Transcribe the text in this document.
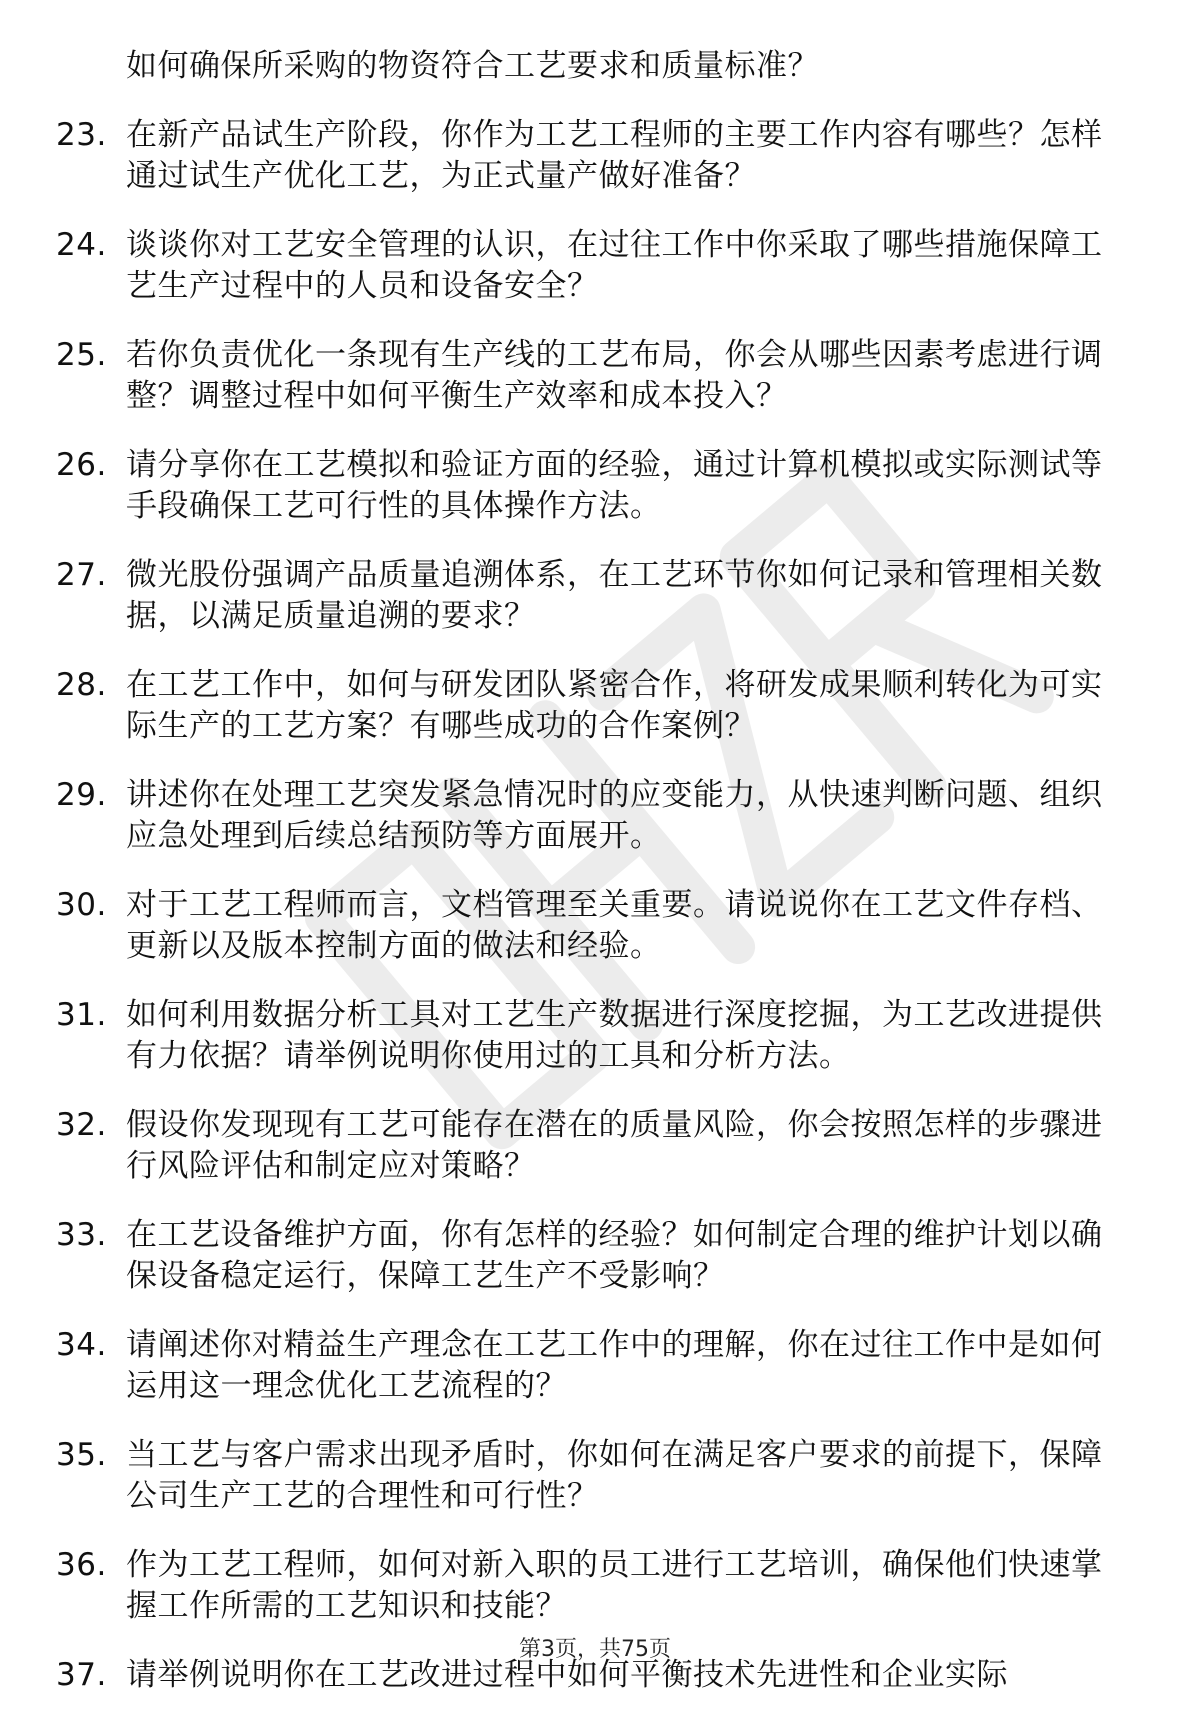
如何确保所采购的物资符合工艺要求和质量标准？
23. 在新产品试生产阶段，你作为工艺工程师的主要工作内容有哪些？怎样通过试生产优化工艺，为正式量产做好准备？
24. 谈谈你对工艺安全管理的认识，在过往工作中你采取了哪些措施保障工艺生产过程中的人员和设备安全？
25. 若你负责优化一条现有生产线的工艺布局，你会从哪些因素考虑进行调整？调整过程中如何平衡生产效率和成本投入？
26. 请分享你在工艺模拟和验证方面的经验，通过计算机模拟或实际测试等手段确保工艺可行性的具体操作方法。
27. 微光股份强调产品质量追溯体系，在工艺环节你如何记录和管理相关数据，以满足质量追溯的要求？
28. 在工艺工作中，如何与研发团队紧密合作，将研发成果顺利转化为可实际生产的工艺方案？有哪些成功的合作案例？
29. 讲述你在处理工艺突发紧急情况时的应变能力，从快速判断问题、组织应急处理到后续总结预防等方面展开。
30. 对于工艺工程师而言，文档管理至关重要。请说说你在工艺文件存档、更新以及版本控制方面的做法和经验。
31. 如何利用数据分析工具对工艺生产数据进行深度挖掘，为工艺改进提供有力依据？请举例说明你使用过的工具和分析方法。
32. 假设你发现现有工艺可能存在潜在的质量风险，你会按照怎样的步骤进行风险评估和制定应对策略？
33. 在工艺设备维护方面，你有怎样的经验？如何制定合理的维护计划以确保设备稳定运行，保障工艺生产不受影响？
34. 请阐述你对精益生产理念在工艺工作中的理解，你在过往工作中是如何运用这一理念优化工艺流程的？
35. 当工艺与客户需求出现矛盾时，你如何在满足客户要求的前提下，保障公司生产工艺的合理性和可行性？
36. 作为工艺工程师，如何对新入职的员工进行工艺培训，确保他们快速掌握工作所需的工艺知识和技能？
37. 请举例说明你在工艺改进过程中如何平衡技术先进性和企业实际
第3页，共75页
